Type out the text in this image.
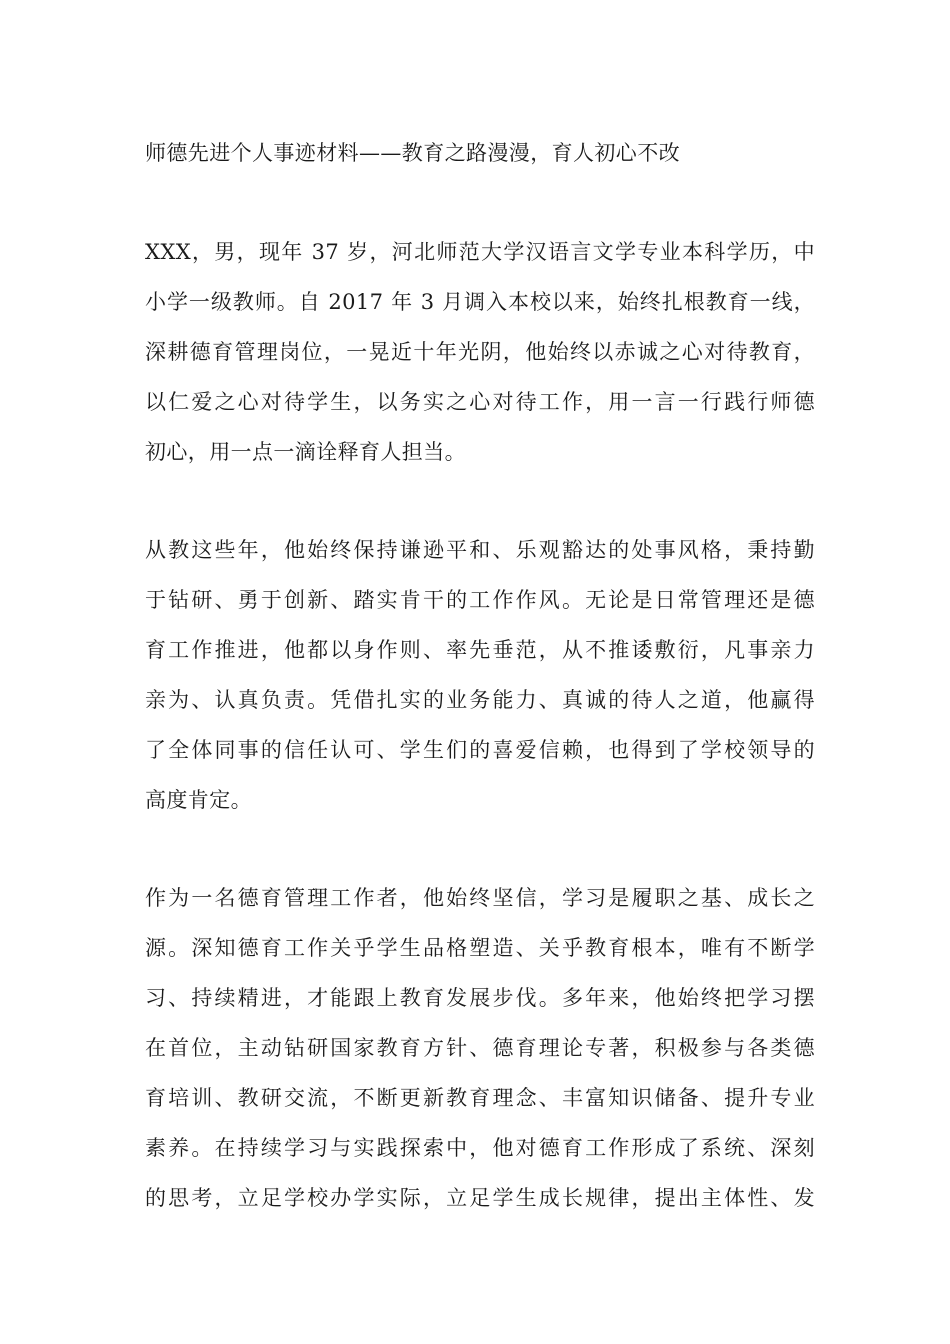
师德先进个人事迹材料——教育之路漫漫，育人初心不改
XXX，男，现年 37 岁，河北师范大学汉语言文学专业本科学历，中
小学一级教师。自 2017 年 3 月调入本校以来，始终扎根教育一线，
深耕德育管理岗位，一晃近十年光阴，他始终以赤诚之心对待教育，
以仁爱之心对待学生，以务实之心对待工作，用一言一行践行师德
初心，用一点一滴诠释育人担当。
从教这些年，他始终保持谦逊平和、乐观豁达的处事风格，秉持勤
于钻研、勇于创新、踏实肯干的工作作风。无论是日常管理还是德
育工作推进，他都以身作则、率先垂范，从不推诿敷衍，凡事亲力
亲为、认真负责。凭借扎实的业务能力、真诚的待人之道，他赢得
了全体同事的信任认可、学生们的喜爱信赖，也得到了学校领导的
高度肯定。
作为一名德育管理工作者，他始终坚信，学习是履职之基、成长之
源。深知德育工作关乎学生品格塑造、关乎教育根本，唯有不断学
习、持续精进，才能跟上教育发展步伐。多年来，他始终把学习摆
在首位，主动钻研国家教育方针、德育理论专著，积极参与各类德
育培训、教研交流，不断更新教育理念、丰富知识储备、提升专业
素养。在持续学习与实践探索中，他对德育工作形成了系统、深刻
的思考，立足学校办学实际，立足学生成长规律，提出主体性、发
